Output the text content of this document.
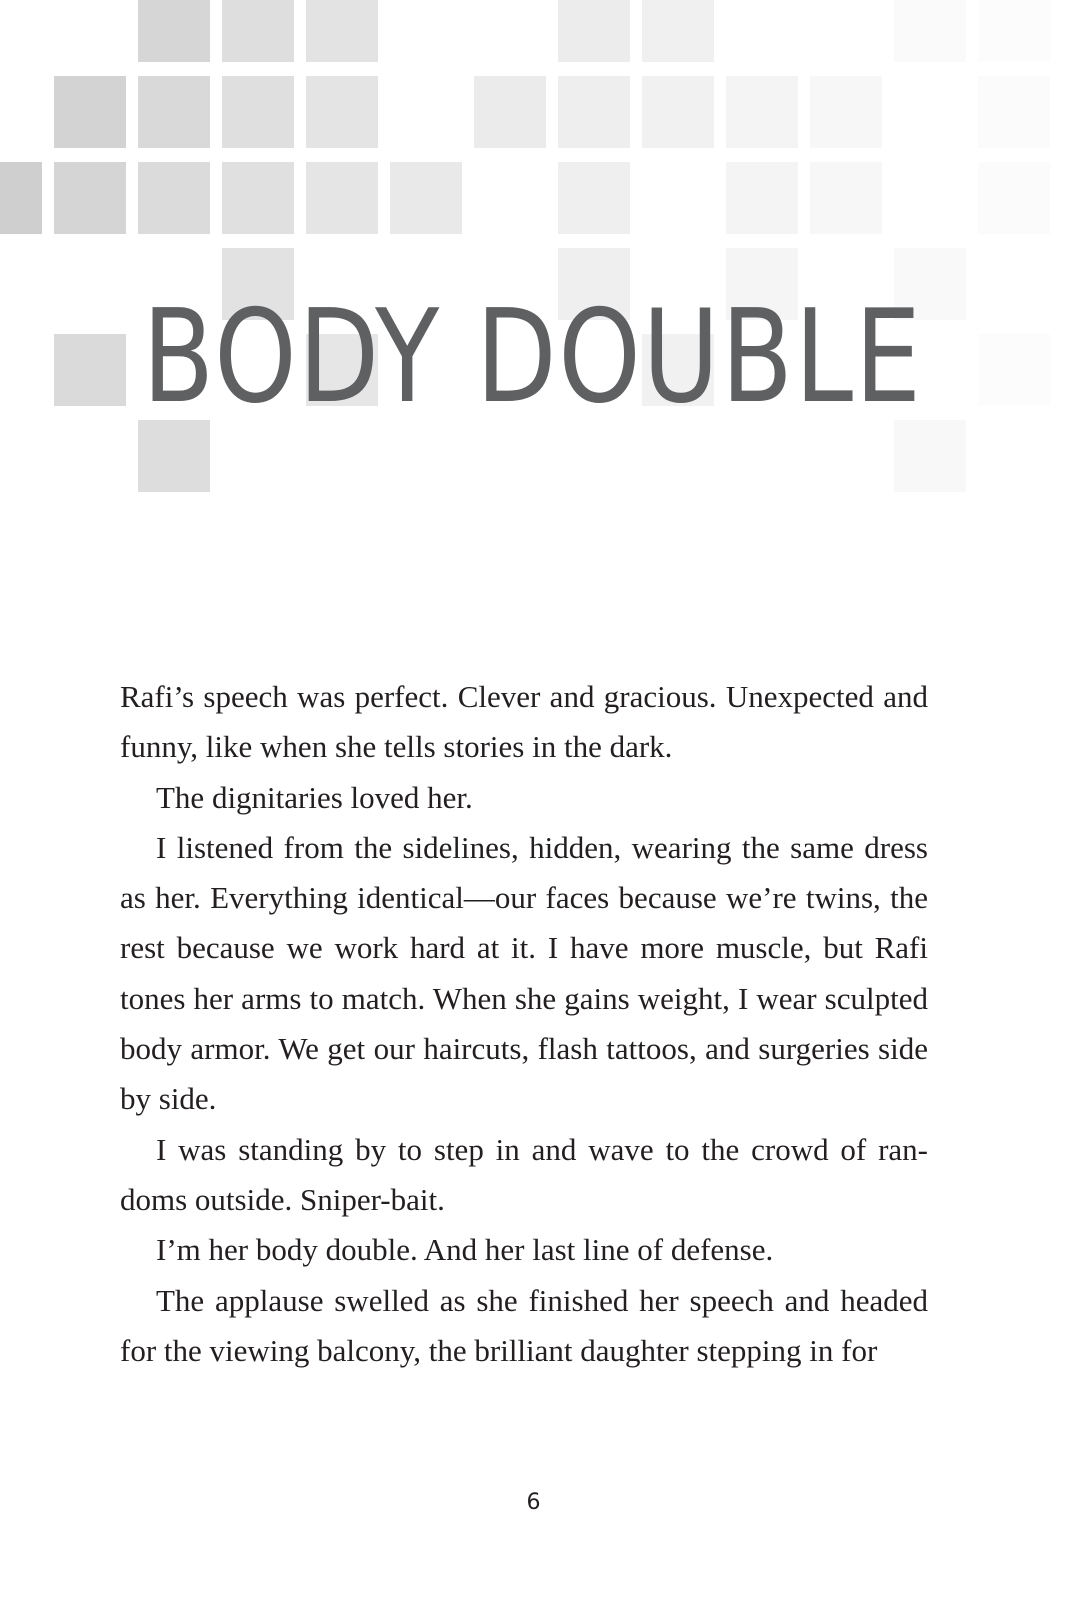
BODY DOUBLE

Rafi’s speech was perfect. Clever and gracious. Unexpected and funny, like when she tells stories in the dark.

The dignitaries loved her.

I listened from the sidelines, hidden, wearing the same dress as her. Everything identical—our faces because we’re twins, the rest because we work hard at it. I have more muscle, but Rafi tones her arms to match. When she gains weight, I wear sculpted body armor. We get our haircuts, flash tattoos, and surgeries side by side.

I was standing by to step in and wave to the crowd of randoms outside. Sniper-bait.

I’m her body double. And her last line of defense.

The applause swelled as she finished her speech and headed for the viewing balcony, the brilliant daughter stepping in for

6
